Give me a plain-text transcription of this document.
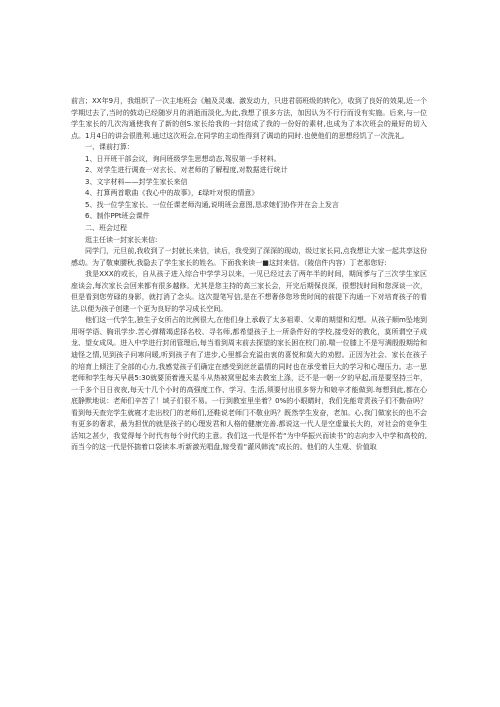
前言；XX年9月，我组织了一次主地班会《触及灵魂、激发动力，只进君弱班级的转化》，收到了良好的效果,近一个学期过去了,当时的鼓动已经随岁月的消逝而淡化,为此,我想了很多方法，加因认为不行行而没有实施。后来,与一位学生家长的几次沟通使我有了新的创S.家长给我的一封信成了我的一份好的素材,也成为了本次班会的最好的切入点。1月4日的讲会很胜利.通过这次班会,在同学的主动性得到了调动的同时.也使他们的思想经饥了一次洗礼。

一、课前打算：

1、日开班干部会议，询问班级学生思想动态,驾驭第一手材料。

2、对学生进行调查一对玄长、对老师的了解程度,对数据进行统计

3、文字材料——封学生家长来信

4、打算两首歌曲《我心中的故事》，£绿叶对恨的情意》

5、找一位学生家长、一位任课老师沟通,说明班会意图,恳求她们协作并在会上发言

6、制作PPt班会课件

二、班会过程

逛主任读一封家长来信:

同学门，元旦前,我收到了一封就长来信，读后，我受到了深深的现动，级过家长同,点我想让大家一起共享这份感动。为了敬柬腰秋,我隐去了学生家长的姓名。下面我来读一■这封来信。（陵信件内容）丁老那您好:

我是XXX的或长，自从孩子进入综合中学学习以来，一见已经过去了两年半的时间，期间爹与了三次学生家区座谈会,每次家长会回来都有很多越修。尤其是您主持的高三家长会，开完后期保良深，很想找时间和您深谈一次，但是看到您劳碌的身影，就打消了念头。这次提笔写信,是在不想奢侈您珍贵时间的前提下沟通一下对培育孩子的看法,以便为孩子创建一个更为良好的学习成长空间。

他们这一代学生,独生子女所占的比例很大,在他们身上承载了太多祖辈、父辈的期望和幻想。从孩子顺m坠地到用呀学语、胸讯学步.苦心弹精竭虑择名校、寻名师,都希望孩子上一所条件好的学校,接受好的教化，莫所谓空子成龙、望女成凤。进入中学进行封闭管理后,每当看到周末前去探望的家长困在校门前.喘一位膝上不是写满殷殷期给和迪怪之情,见到孩子问寒问暖,听到孩子有了进步,心里都会充溢由衷的喜悦和莫大的劝慰。正因为社会、家长在孩子的培育上倾注了全部的心力,我感觉孩子们确定在感受到丝丝温情的同时也在承受着巨大的学习和心理压力。志一思老师和学生每天早晨5:30就要顶着漫天星斗从热被窝里起来去教室上涤，泛不是一朝一夕的早起,而是要坚持三年，一千多个日日夜夜,每天十几个小时的高强度工作、学习、生活,须要付出很多努力和娘辛才能做到.每想到此,都在心底静默地说：老师们辛苦了！域子们很不易。一行到教室里坐着？0%的小眼睛时，我们先能苛责孩子们不勤奋吗？看到每天查完学生就寝才走出校门的老师们,还鞋说老师门不敬业吗？既然学生发奋，老加。心,我门做家长的也不会有更多的奢求，最为担忧的就是孩子的心理发君和人格的健康完善.都说这一代人是空虚量长大的，对社会的竞争生活知之甚少，我觉得每个时代有每个时代的主意。我们这一代是怀若“为中华振兴而读书”的志向步入中学和高校的,而当今的这一代是怀揣着口袋读本.听新激光唱盘,嫁受看“灌风韩流”成长的。他们的人生观、价值取
